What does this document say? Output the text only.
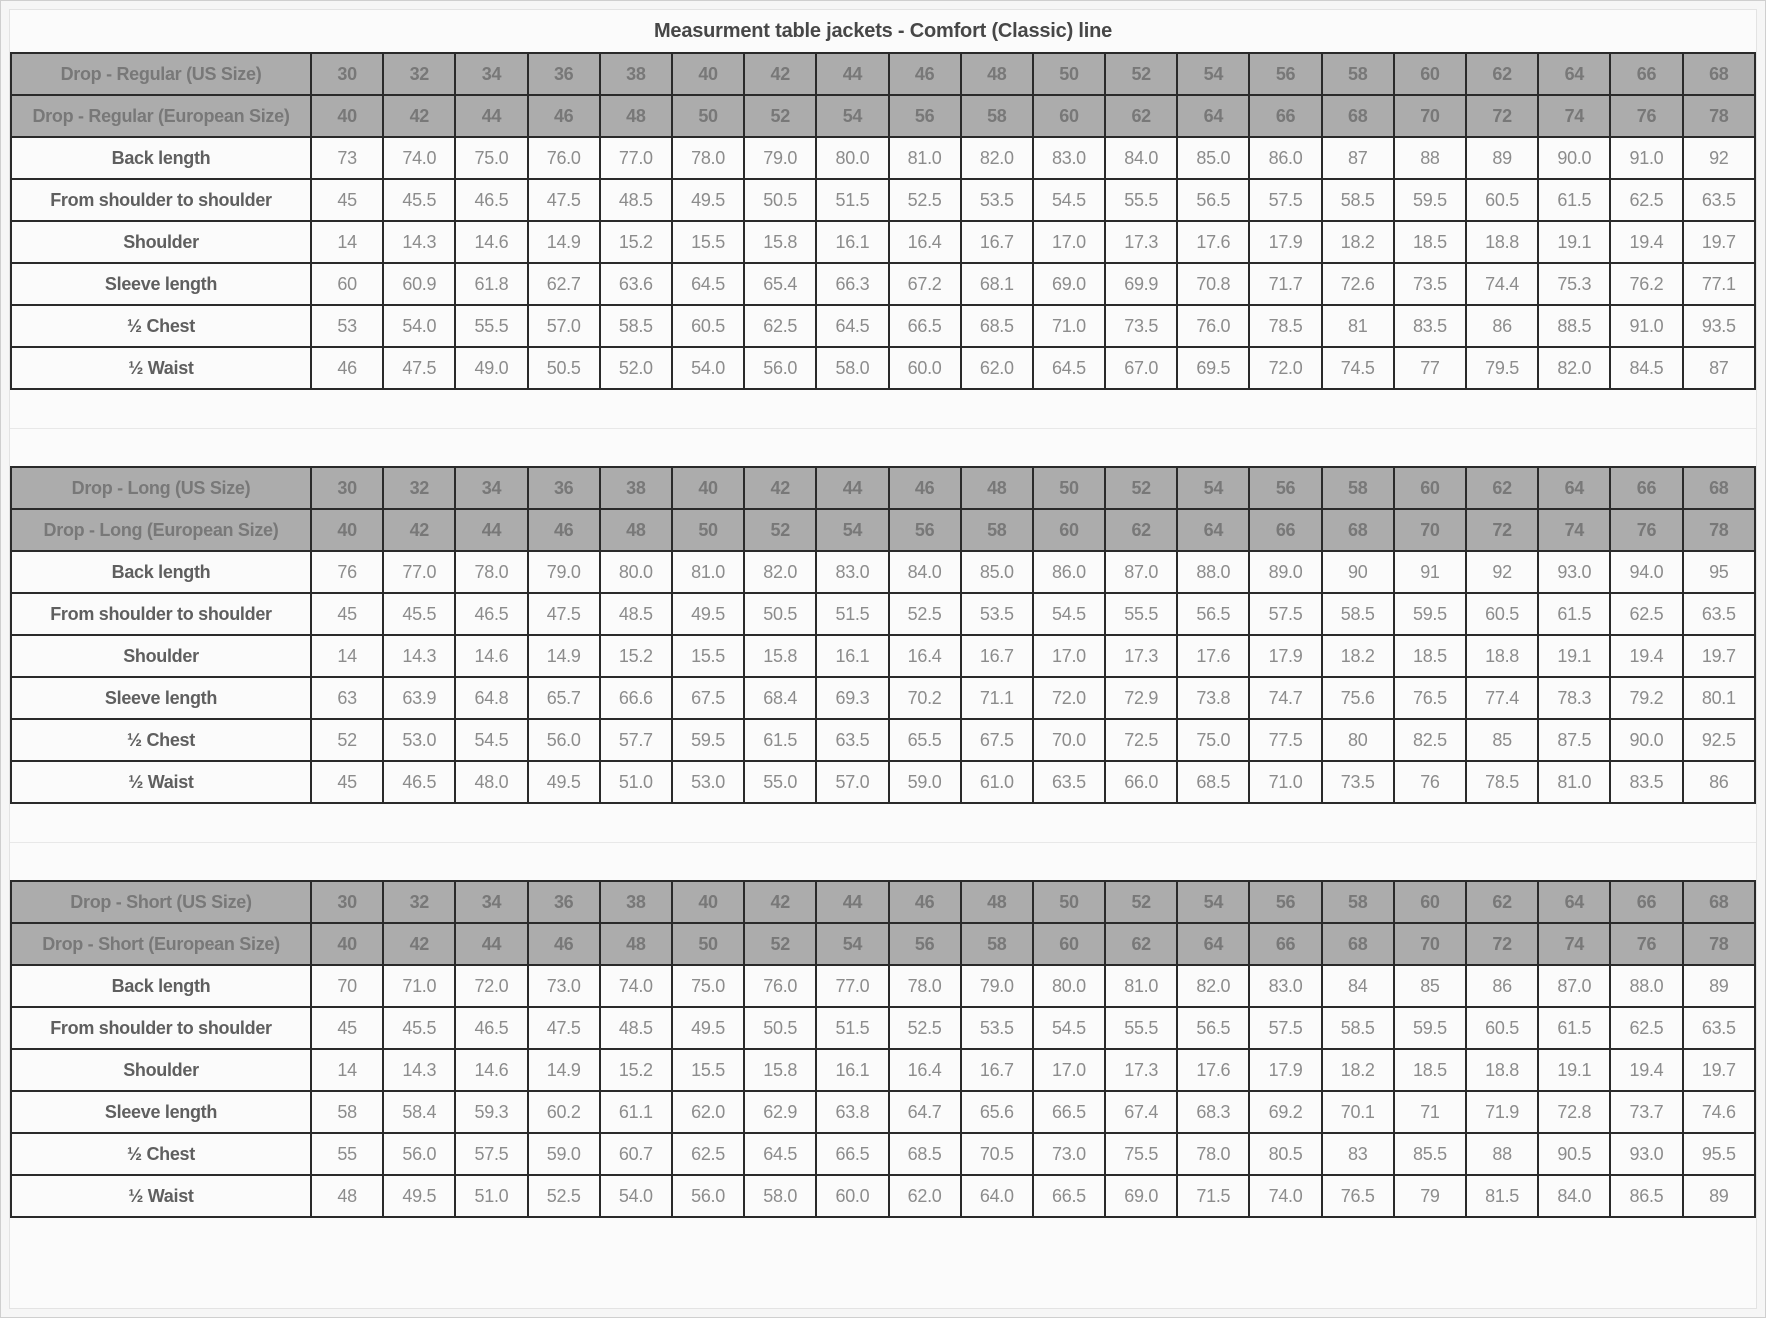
Measurment table jackets - Comfort (Classic) line
Drop - Regular (US Size)	30	32	34	36	38	40	42	44	46	48	50	52	54	56	58	60	62	64	66	68
Drop - Regular (European Size)	40	42	44	46	48	50	52	54	56	58	60	62	64	66	68	70	72	74	76	78
Back length	73	74.0	75.0	76.0	77.0	78.0	79.0	80.0	81.0	82.0	83.0	84.0	85.0	86.0	87	88	89	90.0	91.0	92
From shoulder to shoulder	45	45.5	46.5	47.5	48.5	49.5	50.5	51.5	52.5	53.5	54.5	55.5	56.5	57.5	58.5	59.5	60.5	61.5	62.5	63.5
Shoulder	14	14.3	14.6	14.9	15.2	15.5	15.8	16.1	16.4	16.7	17.0	17.3	17.6	17.9	18.2	18.5	18.8	19.1	19.4	19.7
Sleeve length	60	60.9	61.8	62.7	63.6	64.5	65.4	66.3	67.2	68.1	69.0	69.9	70.8	71.7	72.6	73.5	74.4	75.3	76.2	77.1
½ Chest	53	54.0	55.5	57.0	58.5	60.5	62.5	64.5	66.5	68.5	71.0	73.5	76.0	78.5	81	83.5	86	88.5	91.0	93.5
½ Waist	46	47.5	49.0	50.5	52.0	54.0	56.0	58.0	60.0	62.0	64.5	67.0	69.5	72.0	74.5	77	79.5	82.0	84.5	87
Drop - Long (US Size)	30	32	34	36	38	40	42	44	46	48	50	52	54	56	58	60	62	64	66	68
Drop - Long (European Size)	40	42	44	46	48	50	52	54	56	58	60	62	64	66	68	70	72	74	76	78
Back length	76	77.0	78.0	79.0	80.0	81.0	82.0	83.0	84.0	85.0	86.0	87.0	88.0	89.0	90	91	92	93.0	94.0	95
From shoulder to shoulder	45	45.5	46.5	47.5	48.5	49.5	50.5	51.5	52.5	53.5	54.5	55.5	56.5	57.5	58.5	59.5	60.5	61.5	62.5	63.5
Shoulder	14	14.3	14.6	14.9	15.2	15.5	15.8	16.1	16.4	16.7	17.0	17.3	17.6	17.9	18.2	18.5	18.8	19.1	19.4	19.7
Sleeve length	63	63.9	64.8	65.7	66.6	67.5	68.4	69.3	70.2	71.1	72.0	72.9	73.8	74.7	75.6	76.5	77.4	78.3	79.2	80.1
½ Chest	52	53.0	54.5	56.0	57.7	59.5	61.5	63.5	65.5	67.5	70.0	72.5	75.0	77.5	80	82.5	85	87.5	90.0	92.5
½ Waist	45	46.5	48.0	49.5	51.0	53.0	55.0	57.0	59.0	61.0	63.5	66.0	68.5	71.0	73.5	76	78.5	81.0	83.5	86
Drop - Short (US Size)	30	32	34	36	38	40	42	44	46	48	50	52	54	56	58	60	62	64	66	68
Drop - Short (European Size)	40	42	44	46	48	50	52	54	56	58	60	62	64	66	68	70	72	74	76	78
Back length	70	71.0	72.0	73.0	74.0	75.0	76.0	77.0	78.0	79.0	80.0	81.0	82.0	83.0	84	85	86	87.0	88.0	89
From shoulder to shoulder	45	45.5	46.5	47.5	48.5	49.5	50.5	51.5	52.5	53.5	54.5	55.5	56.5	57.5	58.5	59.5	60.5	61.5	62.5	63.5
Shoulder	14	14.3	14.6	14.9	15.2	15.5	15.8	16.1	16.4	16.7	17.0	17.3	17.6	17.9	18.2	18.5	18.8	19.1	19.4	19.7
Sleeve length	58	58.4	59.3	60.2	61.1	62.0	62.9	63.8	64.7	65.6	66.5	67.4	68.3	69.2	70.1	71	71.9	72.8	73.7	74.6
½ Chest	55	56.0	57.5	59.0	60.7	62.5	64.5	66.5	68.5	70.5	73.0	75.5	78.0	80.5	83	85.5	88	90.5	93.0	95.5
½ Waist	48	49.5	51.0	52.5	54.0	56.0	58.0	60.0	62.0	64.0	66.5	69.0	71.5	74.0	76.5	79	81.5	84.0	86.5	89
